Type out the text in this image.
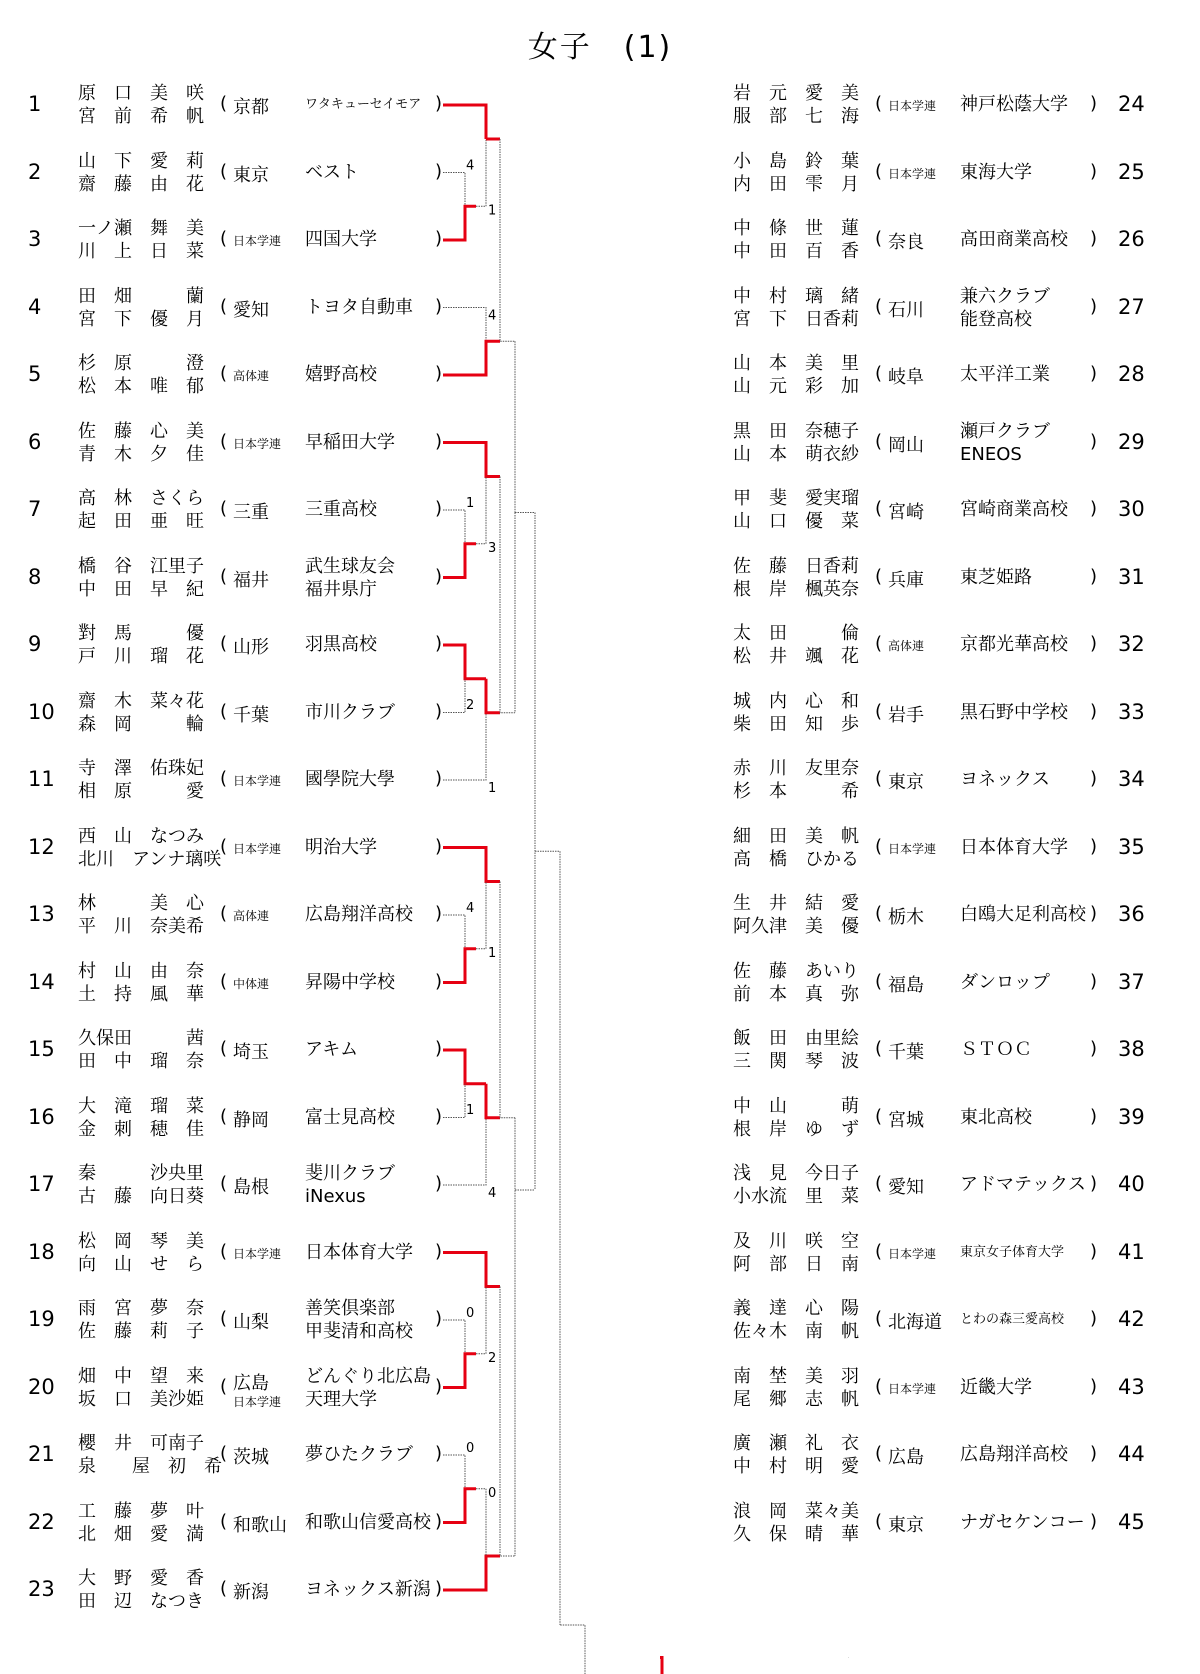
女子　(1)
1 原　口　美　咲
宮　前　希　帆
( 京都	ワタキューセイモア )
2 山　下　愛　莉
齋　藤　由　花
( 東京 ベスト	)
3 一ノ瀬　舞　美
川　上　日　菜
( 日本学連 四国大学	)
4 田　畑　　　蘭
宮　下　優　月
( 愛知 トヨタ自動車 )
5 杉　原　　　澄
松　本　唯　郁
( 高体連 嬉野高校	)
6 佐　藤　心　美
青　木　夕　佳
( 日本学連 早稲田大学 )
7 高　林　さくら
起　田　亜　旺
( 三重 三重高校	)
8 橋　谷　江里子
中　田　早　紀
( 福井
武生球友会
福井県庁
)
9 對　馬　　　優
戸　川　瑠　花
( 山形 羽黒高校	)
10 齋　木　菜々花
森　岡　　　輪
( 千葉 市川クラブ )
11 寺　澤　佑珠妃
相　原　　　愛
( 日本学連 國學院大學 )
12 西　山　なつみ
北川　アンナ璃咲
( 日本学連 明治大学	)
13 林　　　美　心
平　川　奈美希
( 高体連 広島翔洋高校 )
14 村　山　由　奈
土　持　風　華
( 中体連 昇陽中学校 )
15 久保田　　　茜
田　中　瑠　奈
( 埼玉 アキム	)
16 大　滝　瑠　菜
金　刺　穂　佳
( 静岡 富士見高校 )
17 秦　　　沙央里
古　藤　向日葵
( 島根
斐川クラブ
iNexus
)
18 松　岡　琴　美
向　山　せ　ら
( 日本学連 日本体育大学 )
19 雨　宮　夢　奈
佐　藤　莉　子
( 山梨
善笑倶楽部
甲斐清和高校
)
20 畑　中　望　来
坂　口　美沙姫
( 広島
日本学連
どんぐり北広島
天理大学
)
21 櫻　井　可南子
泉　　屋　初　希
( 茨城 夢ひたクラブ )
22 工　藤　夢　叶
北　畑　愛　満
( 和歌山 和歌山信愛高校 )
23 大　野　愛　香
田　辺　なつき
( 新潟 ヨネックス新潟 )
24
岩　元　愛　美
服　部　七　海
( 日本学連 神戸松蔭大学 )
25
小　島　鈴　葉
内　田　雫　月
( 日本学連 東海大学	)
26
中　條　世　蓮
中　田　百　香
( 奈良 高田商業高校 )
27
中　村　璃　緒
宮　下　日香莉
( 石川
兼六クラブ
能登高校
)
28
山　本　美　里
山　元　彩　加
( 岐阜 太平洋工業 )
29
黒　田　奈穂子
山　本　萌衣紗
( 岡山
瀬戸クラブ
ENEOS
)
30
甲　斐　愛実瑠
山　口　優　菜
( 宮崎 宮崎商業高校 )
31
佐　藤　日香莉
根　岸　楓英奈
( 兵庫 東芝姫路	)
32
太　田　　　倫
松　井　颯　花
( 高体連 京都光華高校 )
33
城　内　心　和
柴　田　知　歩
( 岩手 黒石野中学校 )
34
赤　川　友里奈
杉　本　　　希
( 東京 ヨネックス )
35
細　田　美　帆
高　橋　ひかる
( 日本学連 日本体育大学 )
36
生　井　結　愛
阿久津　美　優
( 栃木 白鴎大足利高校 )
37
佐　藤　あいり
前　本　真　弥
( 福島 ダンロップ )
38
飯　田　由里絵
三　関　琴　波
( 千葉 ＳＴＯＣ	)
39
中　山　　　萌
根　岸　ゆ　ず
( 宮城 東北高校	)
40
浅　見　今日子
小水流　里　菜
( 愛知 アドマテックス )
41
及　川　咲　空
阿　部　日　南
( 日本学連 東京女子体育大学 )
42
義　達　心　陽
佐々木　南　帆
( 北海道 とわの森三愛高校 )
43
南　埜　美　羽
尾　郷　志　帆
( 日本学連 近畿大学	)
44
廣　瀬　礼　衣
中　村　明　愛
( 広島 広島翔洋高校 )
45
浪　岡　菜々美
久　保　晴　華
( 東京 ナガセケンコー )
4
1
4
1
3
2
1
4
1
1
4
0
2
0
0
